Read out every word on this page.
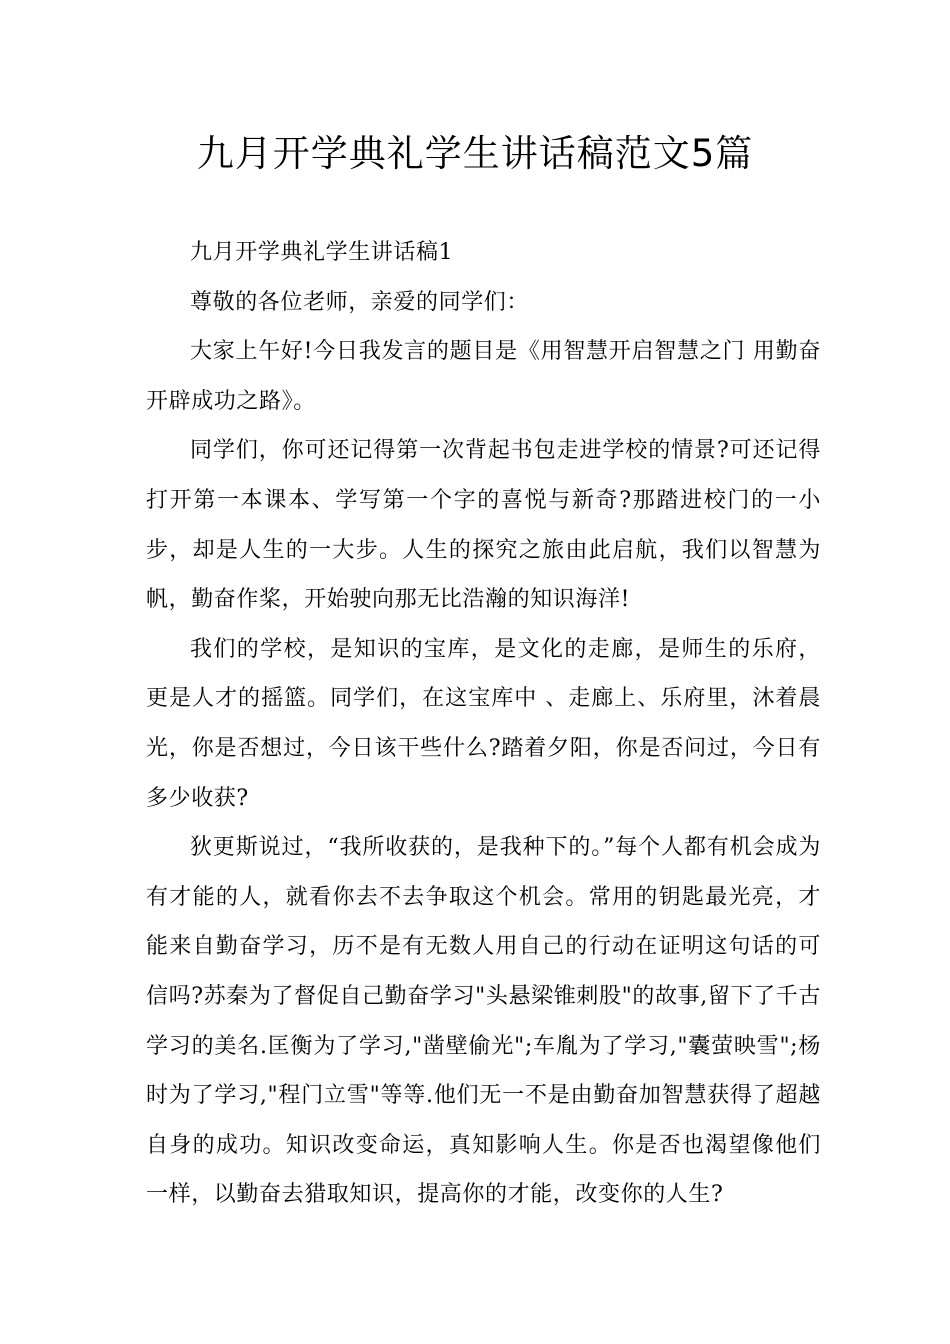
九月开学典礼学生讲话稿范文5篇

九月开学典礼学生讲话稿1

尊敬的各位老师，亲爱的同学们：

大家上午好!今日我发言的题目是《用智慧开启智慧之门 用勤奋开辟成功之路》。

同学们，你可还记得第一次背起书包走进学校的情景?可还记得打开第一本课本、学写第一个字的喜悦与新奇?那踏进校门的一小步，却是人生的一大步。人生的探究之旅由此启航，我们以智慧为帆，勤奋作桨，开始驶向那无比浩瀚的知识海洋!

我们的学校，是知识的宝库，是文化的走廊，是师生的乐府，更是人才的摇篮。同学们，在这宝库中 、走廊上、乐府里，沐着晨光，你是否想过，今日该干些什么?踏着夕阳，你是否问过，今日有多少收获?

狄更斯说过，“我所收获的，是我种下的。”每个人都有机会成为有才能的人，就看你去不去争取这个机会。常用的钥匙最光亮，才能来自勤奋学习，历不是有无数人用自己的行动在证明这句话的可信吗?苏秦为了督促自己勤奋学习"头悬梁锥刺股"的故事,留下了千古学习的美名.匡衡为了学习,"凿壁偷光";车胤为了学习,"囊萤映雪";杨时为了学习,"程门立雪"等等.他们无一不是由勤奋加智慧获得了超越自身的成功。知识改变命运，真知影响人生。你是否也渴望像他们一样，以勤奋去猎取知识，提高你的才能，改变你的人生?
